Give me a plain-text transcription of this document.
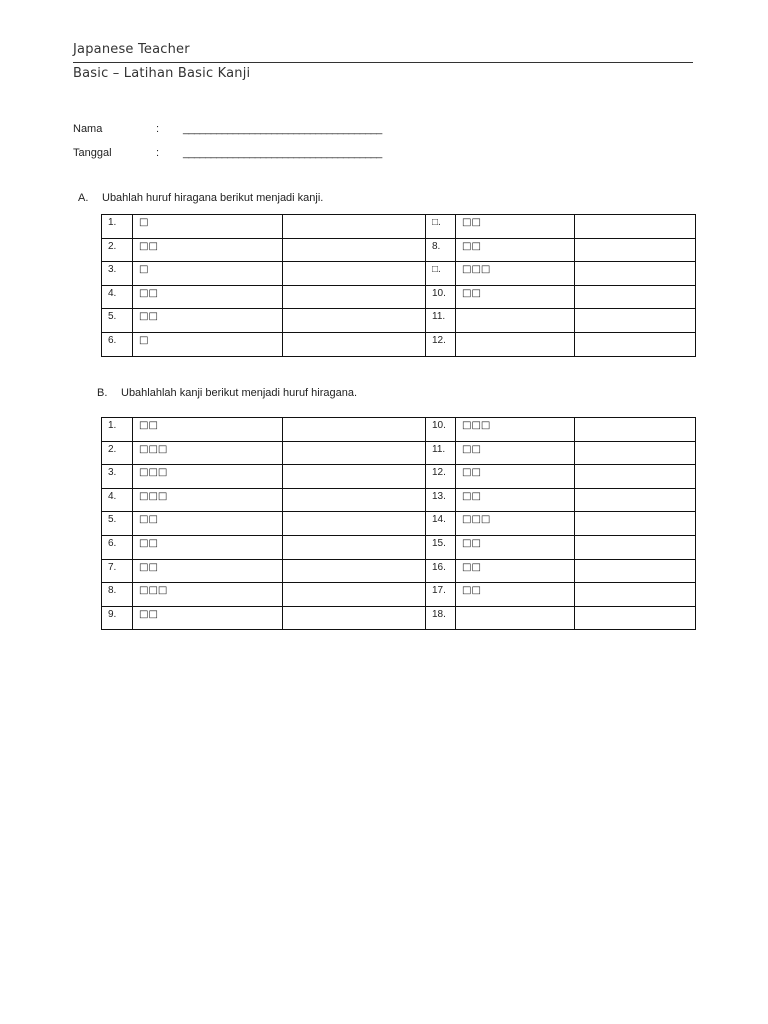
Japanese Teacher
Basic – Latihan Basic Kanji
Nama	: ____________________________________
Tanggal	: ____________________________________
A. Ubahlah huruf hiragana berikut menjadi kanji.
1.	□		□.	□□	
2.	□□		8.	□□	
3.	□		□.	□□□	
4.	□□		10.	□□	
5.	□□		11.		
6.	□		12.		
B. Ubahlahlah kanji berikut menjadi huruf hiragana.
1.	□□		10.	□□□	
2.	□□□		11.	□□	
3.	□□□		12.	□□	
4.	□□□		13.	□□	
5.	□□		14.	□□□	
6.	□□		15.	□□	
7.	□□		16.	□□	
8.	□□□		17.	□□	
9.	□□		18.		
